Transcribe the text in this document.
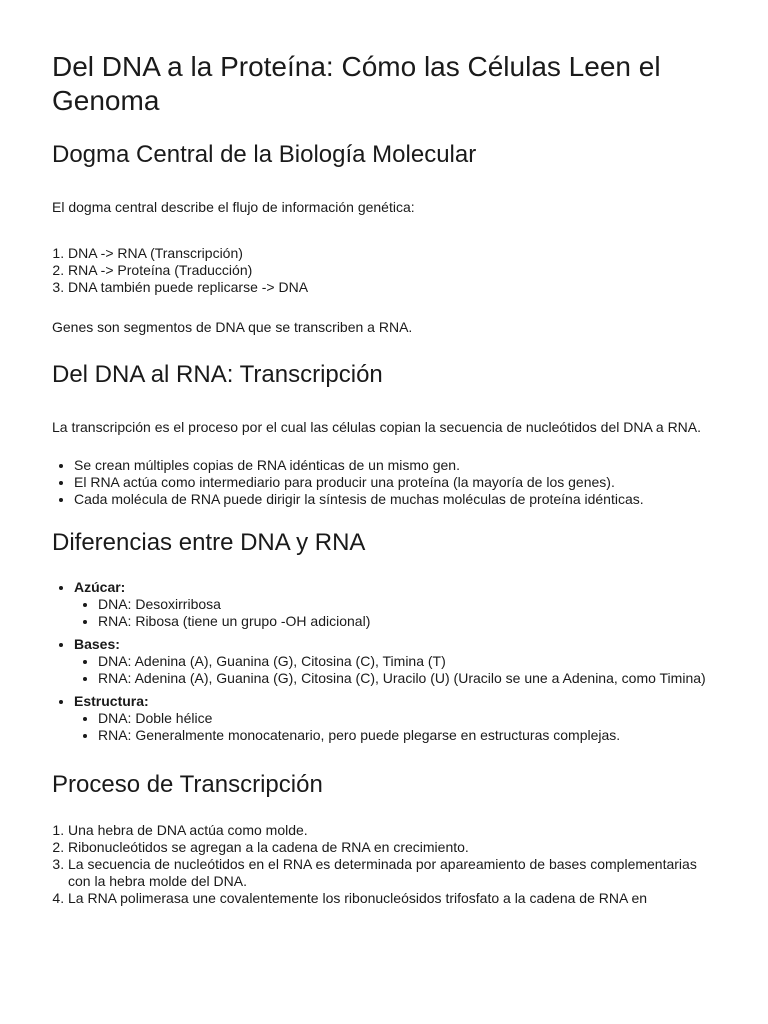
Del DNA a la Proteína: Cómo las Células Leen el Genoma
Dogma Central de la Biología Molecular

El dogma central describe el flujo de información genética:

1. DNA -> RNA (Transcripción)
2. RNA -> Proteína (Traducción)
3. DNA también puede replicarse -> DNA

Genes son segmentos de DNA que se transcriben a RNA.

Del DNA al RNA: Transcripción

La transcripción es el proceso por el cual las células copian la secuencia de nucleótidos del DNA a RNA.

• Se crean múltiples copias de RNA idénticas de un mismo gen.
• El RNA actúa como intermediario para producir una proteína (la mayoría de los genes).
• Cada molécula de RNA puede dirigir la síntesis de muchas moléculas de proteína idénticas.
Diferencias entre DNA y RNA
• Azúcar:
• DNA: Desoxirribosa
• RNA: Ribosa (tiene un grupo -OH adicional)
• Bases:
• DNA: Adenina (A), Guanina (G), Citosina (C), Timina (T)
• RNA: Adenina (A), Guanina (G), Citosina (C), Uracilo (U) (Uracilo se une a Adenina, como Timina)
• Estructura:
• DNA: Doble hélice
• RNA: Generalmente monocatenario, pero puede plegarse en estructuras complejas.
Proceso de Transcripción
1. Una hebra de DNA actúa como molde.
2. Ribonucleótidos se agregan a la cadena de RNA en crecimiento.
3. La secuencia de nucleótidos en el RNA es determinada por apareamiento de bases complementarias con la hebra molde del DNA.
4. La RNA polimerasa une covalentemente los ribonucleósidos trifosfato a la cadena de RNA en
